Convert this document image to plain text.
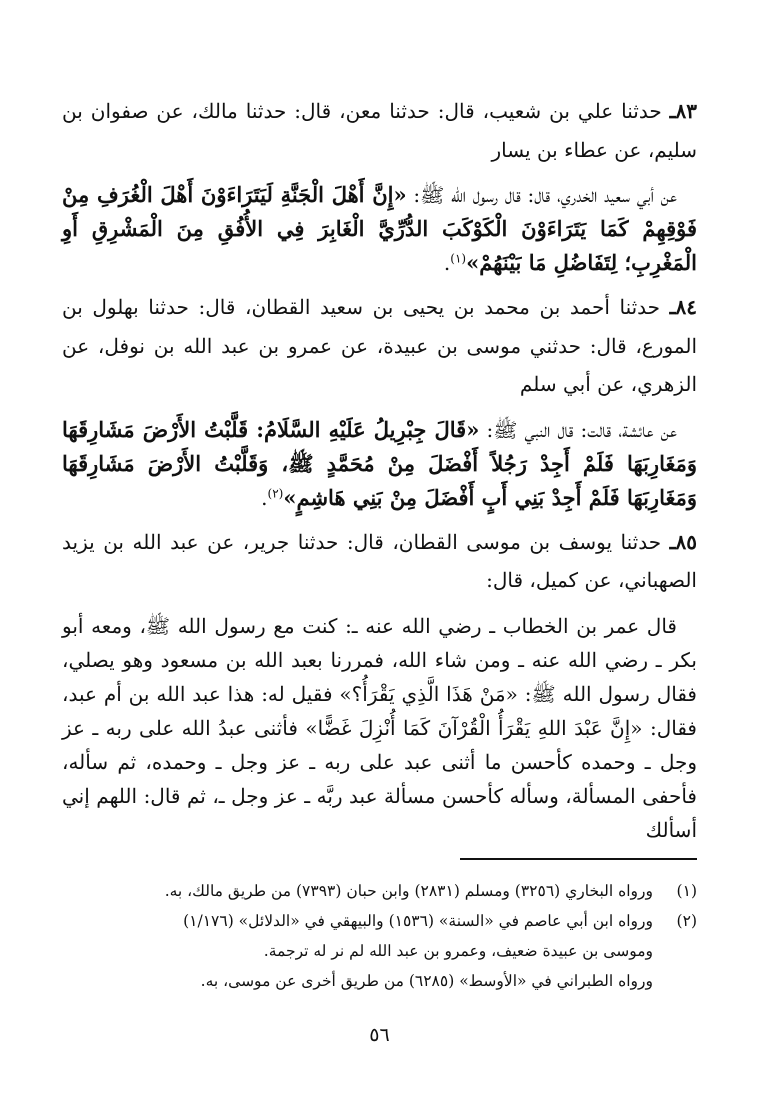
٨٣ـ حدثنا علي بن شعيب، قال: حدثنا معن، قال: حدثنا مالك، عن صفوان بن سليم، عن عطاء بن يسار

عن أبي سعيد الخدري، قال: قال رسول الله ﷺ: «إِنَّ أَهْلَ الْجَنَّةِ لَيَتَرَاءَوْنَ أَهْلَ الْغُرَفِ مِنْ فَوْقِهِمْ كَمَا يَتَرَاءَوْنَ الْكَوْكَبَ الدُّرِّيَّ الْغَابِرَ فِي الأُفُقِ مِنَ الْمَشْرِقِ أَوِ الْمَغْرِبِ؛ لِتَفَاضُلِ مَا بَيْنَهُمْ»$^{(١)}$.

٨٤ـ حدثنا أحمد بن محمد بن يحيى بن سعيد القطان، قال: حدثنا بهلول بن المورع، قال: حدثني موسى بن عبيدة، عن عمرو بن عبد الله بن نوفل، عن الزهري، عن أبي سلم

عن عائشة، قالت: قال النبي ﷺ: «قَالَ جِبْرِيلُ عَلَيْهِ السَّلَامُ: قَلَّبْتُ الأَرْضَ مَشَارِقَهَا وَمَغَارِبَهَا فَلَمْ أَجِدْ رَجُلاً أَفْضَلَ مِنْ مُحَمَّدٍ ﷺ، وَقَلَّبْتُ الأَرْضَ مَشَارِقَهَا وَمَغَارِبَهَا فَلَمْ أَجِدْ بَنِي أَبٍ أَفْضَلَ مِنْ بَنِي هَاشِمٍ»$^{(٢)}$.

٨٥ـ حدثنا يوسف بن موسى القطان، قال: حدثنا جرير، عن عبد الله بن يزيد الصهباني، عن كميل، قال:

قال عمر بن الخطاب ـ رضي الله عنه ـ: كنت مع رسول الله ﷺ، ومعه أبو بكر ـ رضي الله عنه ـ ومن شاء الله، فمررنا بعبد الله بن مسعود وهو يصلي، فقال رسول الله ﷺ: «مَنْ هَذَا الَّذِي يَقْرَأُ؟» فقيل له: هذا عبد الله بن أم عبد، فقال: «إِنَّ عَبْدَ اللهِ يَقْرَأُ الْقُرْآنَ كَمَا أُنْزِلَ غَضًّا» فأثنى عبدُ الله على ربه ـ عز وجل ـ وحمده كأحسن ما أثنى عبد على ربه ـ عز وجل ـ وحمده، ثم سأله، فأحفى المسألة، وسأله كأحسن مسألة عبد ربَّه ـ عز وجل ـ، ثم قال: اللهم إني أسألك

(١)
ورواه البخاري (٣٢٥٦) ومسلم (٢٨٣١) وابن حبان (٧٣٩٣) من طريق مالك، به.
(٢)
ورواه ابن أبي عاصم في «السنة» (١٥٣٦) والبيهقي في «الدلائل» (١/١٧٦)
وموسى بن عبيدة ضعيف، وعمرو بن عبد الله لم نر له ترجمة.
ورواه الطبراني في «الأوسط» (٦٢٨٥) من طريق أخرى عن موسى، به.
٥٦
